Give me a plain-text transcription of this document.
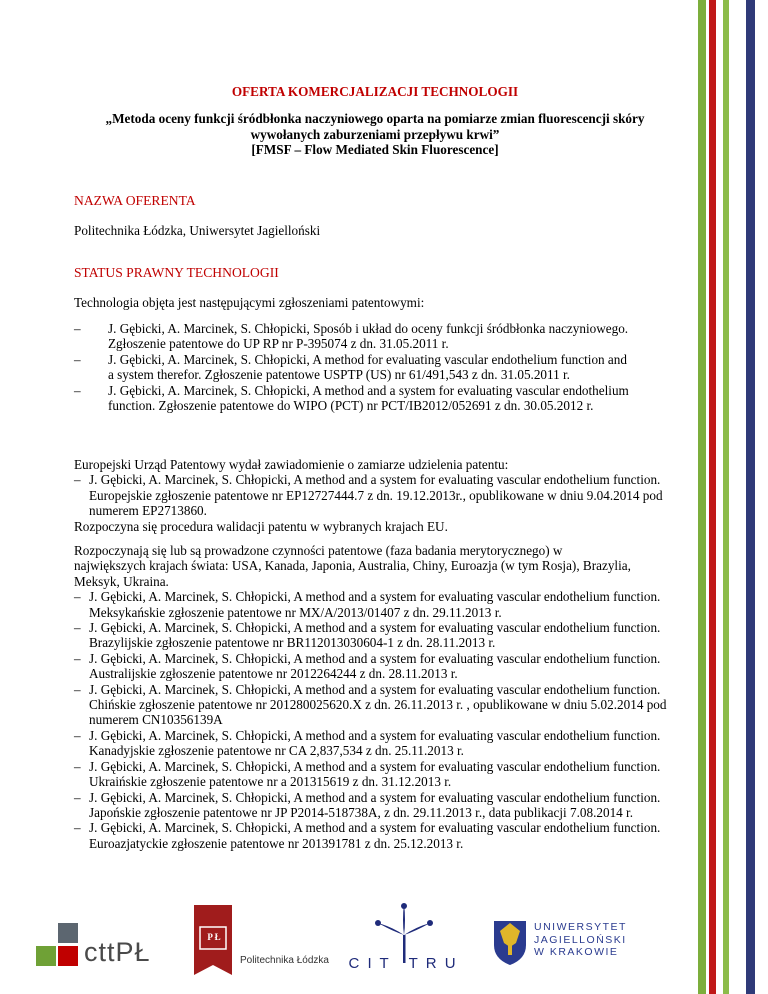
OFERTA KOMERCJALIZACJI TECHNOLOGII
„Metoda oceny funkcji śródbłonka naczyniowego oparta na pomiarze zmian fluorescencji skóry
wywołanych zaburzeniami przepływu krwi”
[FMSF – Flow Mediated Skin Fluorescence]
NAZWA OFERENTA
Politechnika Łódzka, Uniwersytet Jagielloński
STATUS PRAWNY TECHNOLOGII
Technologia objęta jest następującymi zgłoszeniami patentowymi:
– J. Gębicki, A. Marcinek, S. Chłopicki, Sposób i układ do oceny funkcji śródbłonka naczyniowego. Zgłoszenie patentowe do UP RP nr P-395074 z dn. 31.05.2011 r.
– J. Gębicki, A. Marcinek, S. Chłopicki, A method for evaluating vascular endothelium function and a system therefor. Zgłoszenie patentowe USPTP (US) nr 61/491,543 z dn. 31.05.2011 r.
– J. Gębicki, A. Marcinek, S. Chłopicki, A method and a system for evaluating vascular endothelium function. Zgłoszenie patentowe do WIPO (PCT) nr PCT/IB2012/052691 z dn. 30.05.2012 r.
Europejski Urząd Patentowy wydał zawiadomienie o zamiarze udzielenia patentu:
– J. Gębicki, A. Marcinek, S. Chłopicki, A method and a system for evaluating vascular endothelium function. Europejskie zgłoszenie patentowe nr EP12727444.7 z dn. 19.12.2013r., opublikowane w dniu 9.04.2014 pod numerem EP2713860.
Rozpoczyna się procedura walidacji patentu w wybranych krajach EU.
Rozpoczynają się lub są prowadzone czynności patentowe (faza badania merytorycznego) w największych krajach świata: USA, Kanada, Japonia, Australia, Chiny, Euroazja (w tym Rosja), Brazylia, Meksyk, Ukraina.
– J. Gębicki, A. Marcinek, S. Chłopicki, A method and a system for evaluating vascular endothelium function. Meksykańskie zgłoszenie patentowe nr MX/A/2013/01407 z dn. 29.11.2013 r.
– J. Gębicki, A. Marcinek, S. Chłopicki, A method and a system for evaluating vascular endothelium function. Brazylijskie zgłoszenie patentowe nr BR112013030604-1 z dn. 28.11.2013 r.
– J. Gębicki, A. Marcinek, S. Chłopicki, A method and a system for evaluating vascular endothelium function. Australijskie zgłoszenie patentowe nr 2012264244 z dn. 28.11.2013 r.
– J. Gębicki, A. Marcinek, S. Chłopicki, A method and a system for evaluating vascular endothelium function. Chińskie zgłoszenie patentowe nr 201280025620.X z dn. 26.11.2013 r. , opublikowane w dniu 5.02.2014 pod numerem CN10356139A
– J. Gębicki, A. Marcinek, S. Chłopicki, A method and a system for evaluating vascular endothelium function. Kanadyjskie zgłoszenie patentowe nr CA 2,837,534 z dn. 25.11.2013 r.
– J. Gębicki, A. Marcinek, S. Chłopicki, A method and a system for evaluating vascular endothelium function. Ukraińskie zgłoszenie patentowe nr a 201315619 z dn. 31.12.2013 r.
– J. Gębicki, A. Marcinek, S. Chłopicki, A method and a system for evaluating vascular endothelium function. Japońskie zgłoszenie patentowe nr JP P2014-518738A, z dn. 29.11.2013 r., data publikacji 7.08.2014 r.
– J. Gębicki, A. Marcinek, S. Chłopicki, A method and a system for evaluating vascular endothelium function. Euroazjatyckie zgłoszenie patentowe nr 201391781 z dn. 25.12.2013 r.
cttPŁ	P Ł
Politechnika Łódzka C I T   T R U
UNIWERSYTET
JAGIELLOŃSKI
W KRAKOWIE
